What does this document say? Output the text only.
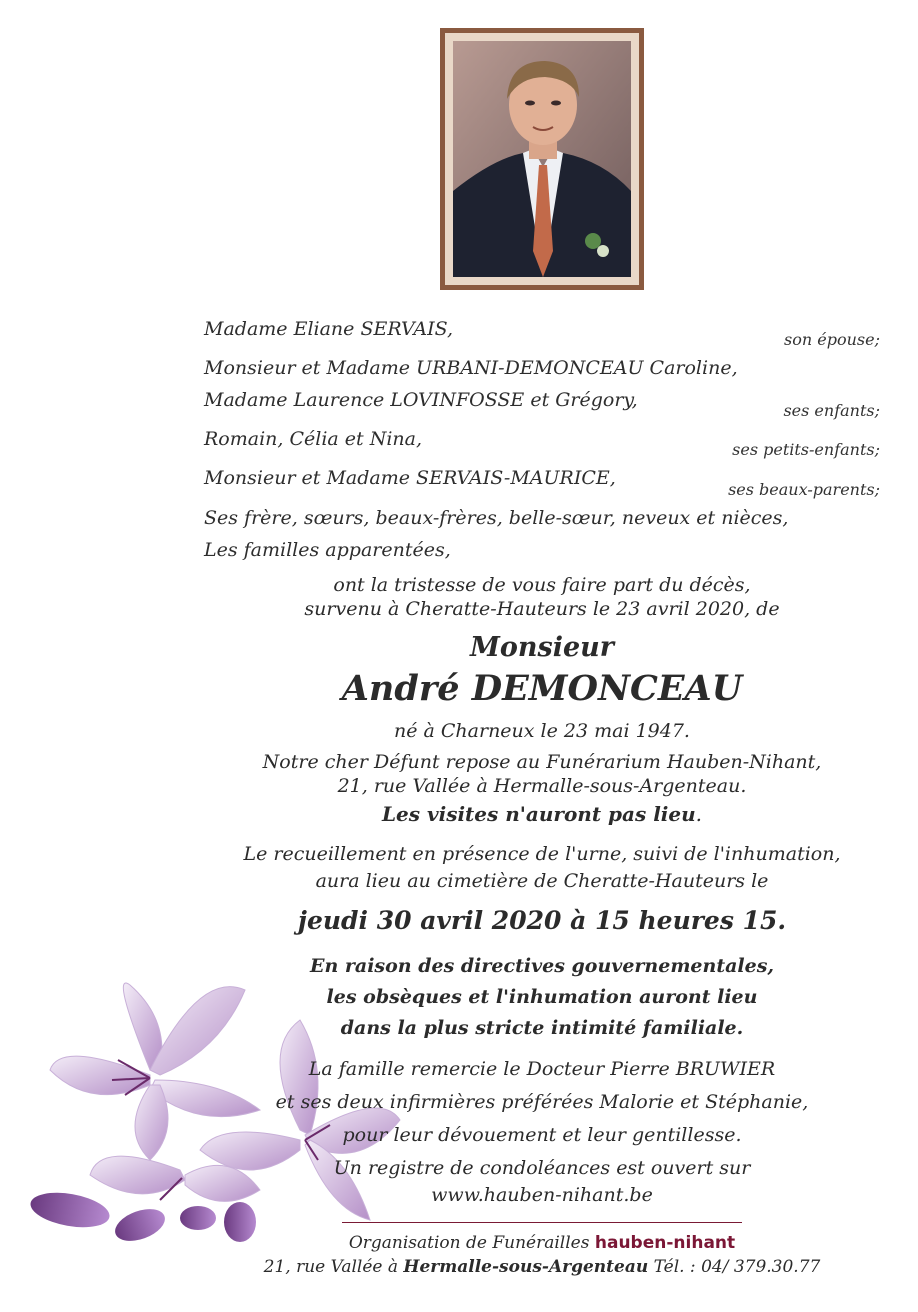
Madame Eliane SERVAIS,
Monsieur et Madame URBANI-DEMONCEAU Caroline,
Madame Laurence LOVINFOSSE et Grégory,
Romain, Célia et Nina,
Monsieur et Madame SERVAIS-MAURICE,
Ses frère, sœurs, beaux-frères, belle-sœur, neveux et nièces,
Les familles apparentées,
son épouse;
ses enfants;
ses petits-enfants;
ses beaux-parents;
ont la tristesse de vous faire part du décès,
survenu à Cheratte-Hauteurs le 23 avril 2020, de
Monsieur
André DEMONCEAU
né à Charneux le 23 mai 1947.
Notre cher Défunt repose au Funérarium Hauben-Nihant,
21, rue Vallée à Hermalle-sous-Argenteau.
Les visites n'auront pas lieu.
Le recueillement en présence de l'urne, suivi de l'inhumation,
aura lieu au cimetière de Cheratte-Hauteurs le
jeudi 30 avril 2020 à 15 heures 15.
En raison des directives gouvernementales,
les obsèques et l'inhumation auront lieu
dans la plus stricte intimité familiale.
La famille remercie le Docteur Pierre BRUWIER
et ses deux infirmières préférées Malorie et Stéphanie,
pour leur dévouement et leur gentillesse.
Un registre de condoléances est ouvert sur
www.hauben-nihant.be
Organisation de Funérailles hauben-nihant
21, rue Vallée à Hermalle-sous-Argenteau Tél. : 04/ 379.30.77
